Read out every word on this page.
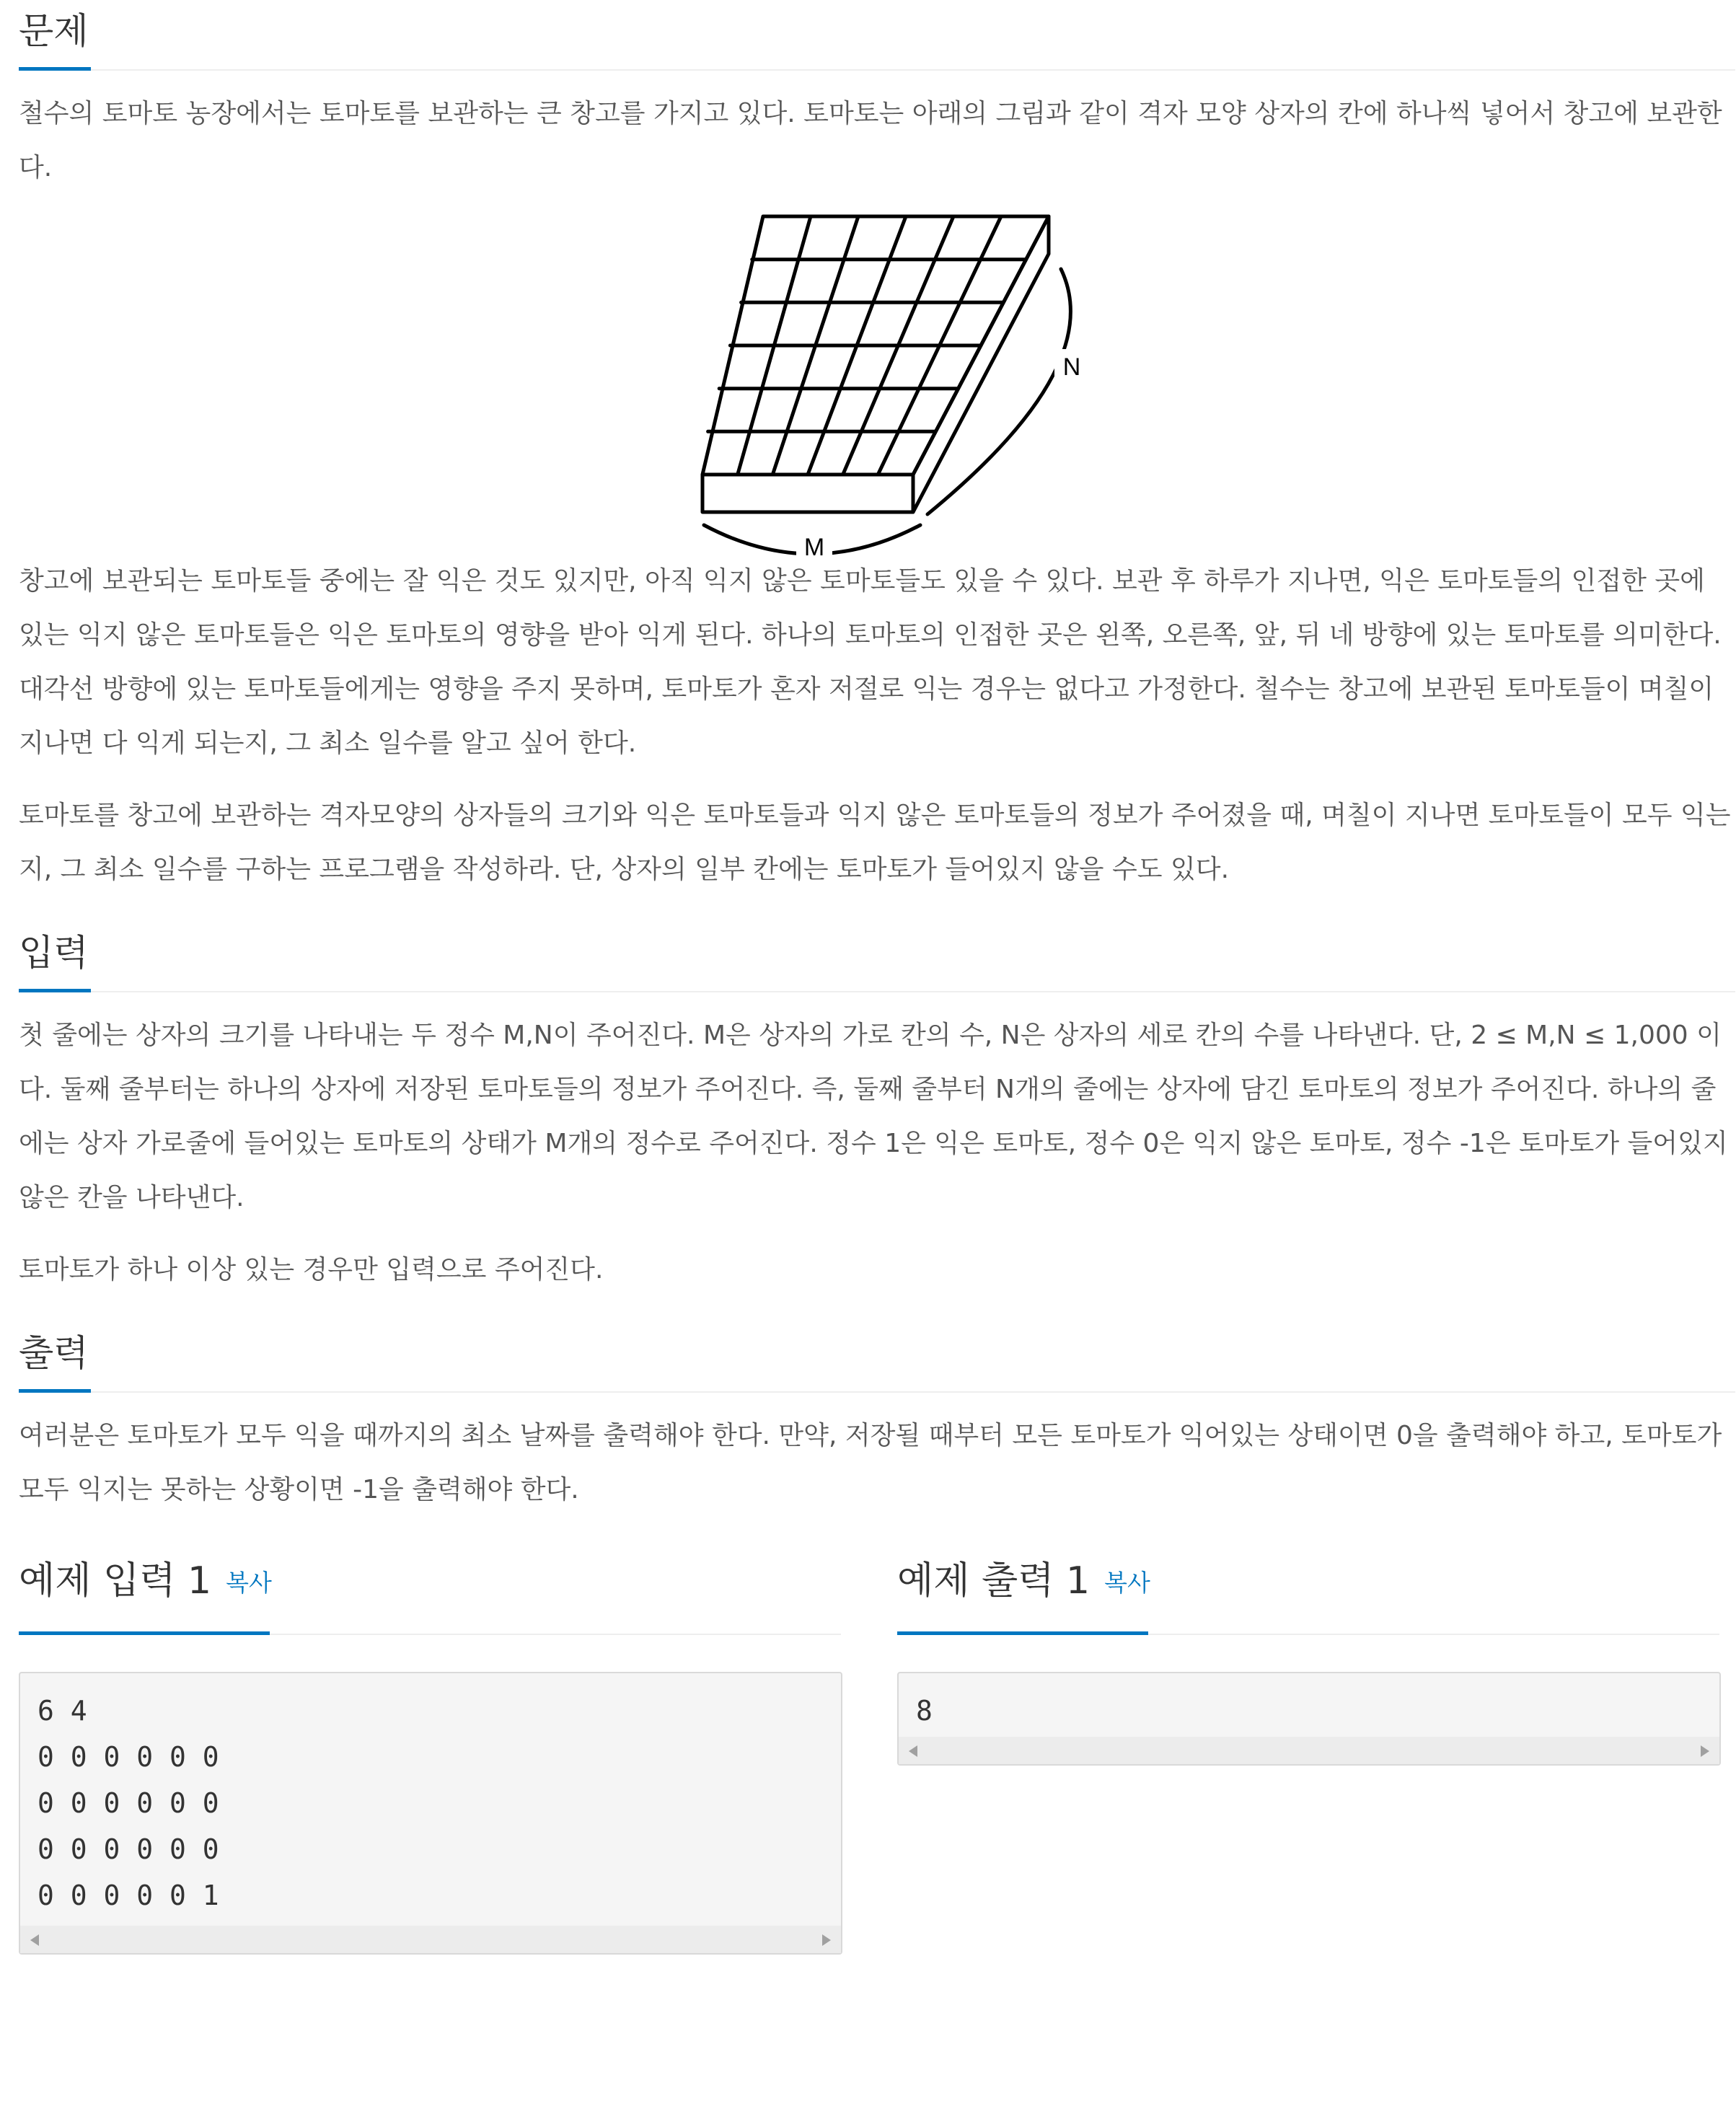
문제

철수의 토마토 농장에서는 토마토를 보관하는 큰 창고를 가지고 있다. 토마토는 아래의 그림과 같이 격자 모양 상자의 칸에 하나씩 넣어서 창고에 보관한다.

N
M

창고에 보관되는 토마토들 중에는 잘 익은 것도 있지만, 아직 익지 않은 토마토들도 있을 수 있다. 보관 후 하루가 지나면, 익은 토마토들의 인접한 곳에 있는 익지 않은 토마토들은 익은 토마토의 영향을 받아 익게 된다. 하나의 토마토의 인접한 곳은 왼쪽, 오른쪽, 앞, 뒤 네 방향에 있는 토마토를 의미한다. 대각선 방향에 있는 토마토들에게는 영향을 주지 못하며, 토마토가 혼자 저절로 익는 경우는 없다고 가정한다. 철수는 창고에 보관된 토마토들이 며칠이 지나면 다 익게 되는지, 그 최소 일수를 알고 싶어 한다.

토마토를 창고에 보관하는 격자모양의 상자들의 크기와 익은 토마토들과 익지 않은 토마토들의 정보가 주어졌을 때, 며칠이 지나면 토마토들이 모두 익는지, 그 최소 일수를 구하는 프로그램을 작성하라. 단, 상자의 일부 칸에는 토마토가 들어있지 않을 수도 있다.

입력

첫 줄에는 상자의 크기를 나타내는 두 정수 M,N이 주어진다. M은 상자의 가로 칸의 수, N은 상자의 세로 칸의 수를 나타낸다. 단, 2 ≤ M,N ≤ 1,000 이다. 둘째 줄부터는 하나의 상자에 저장된 토마토들의 정보가 주어진다. 즉, 둘째 줄부터 N개의 줄에는 상자에 담긴 토마토의 정보가 주어진다. 하나의 줄에는 상자 가로줄에 들어있는 토마토의 상태가 M개의 정수로 주어진다. 정수 1은 익은 토마토, 정수 0은 익지 않은 토마토, 정수 -1은 토마토가 들어있지 않은 칸을 나타낸다.

토마토가 하나 이상 있는 경우만 입력으로 주어진다.

출력

여러분은 토마토가 모두 익을 때까지의 최소 날짜를 출력해야 한다. 만약, 저장될 때부터 모든 토마토가 익어있는 상태이면 0을 출력해야 하고, 토마토가 모두 익지는 못하는 상황이면 -1을 출력해야 한다.

예제 입력 1 복사
6 4
0 0 0 0 0 0
0 0 0 0 0 0
0 0 0 0 0 0
0 0 0 0 0 1
예제 출력 1 복사
8
